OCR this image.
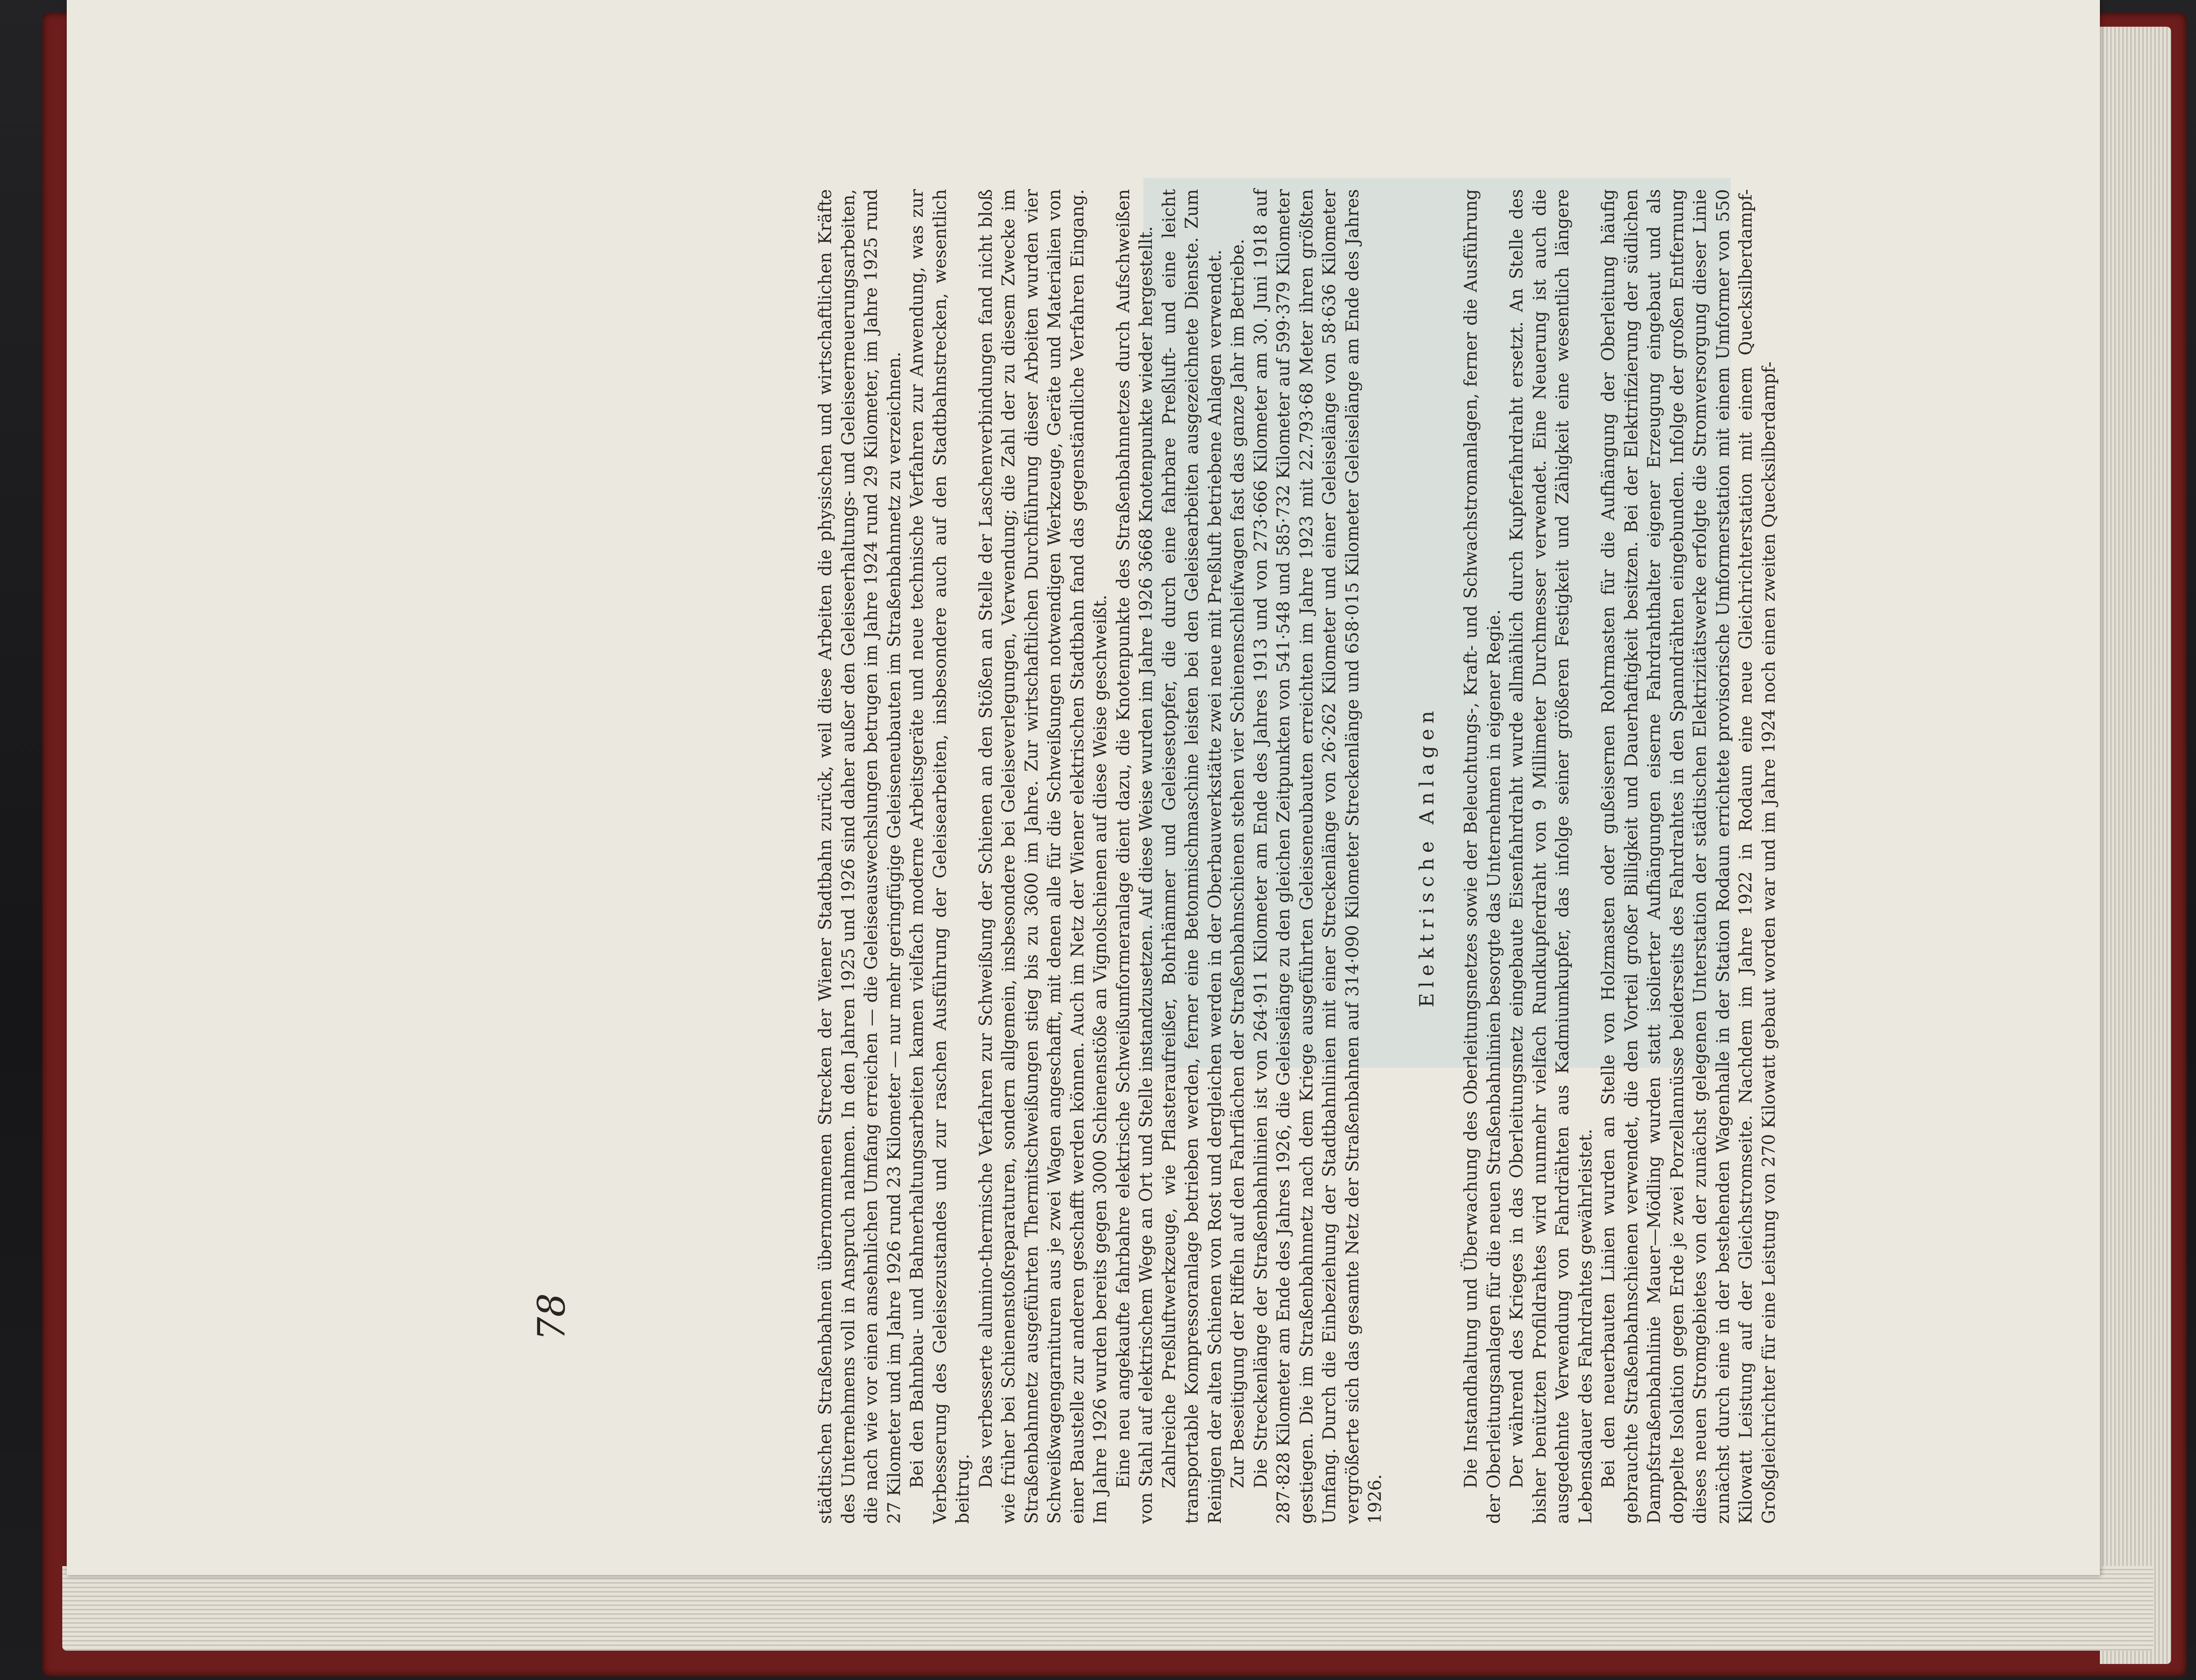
städtischen Straßenbahnen übernommenen Strecken der Wiener Stadtbahn zurück, weil diese Arbeiten die physischen und wirtschaftlichen Kräfte des Unternehmens voll in Anspruch nahmen. In den Jahren 1925 und 1926 sind daher außer den Geleiseerhaltungs- und Geleiseerneuerungsarbeiten, die nach wie vor einen ansehnlichen Umfang erreichen — die Geleiseauswechslungen betrugen im Jahre 1924 rund 29 Kilometer, im Jahre 1925 rund 27 Kilometer und im Jahre 1926 rund 23 Kilometer — nur mehr geringfügige Geleiseneubauten im Straßenbahnnetz zu verzeichnen. Bei den Bahnbau- und Bahnerhaltungsarbeiten kamen vielfach moderne Arbeitsgeräte und neue technische Verfahren zur Anwendung, was zur Verbesserung des Geleisezustandes und zur raschen Ausführung der Geleisearbeiten, insbesondere auch auf den Stadtbahnstrecken, wesentlich beitrug.

Das verbesserte alumino-thermische Verfahren zur Schweißung der Schienen an den Stößen an Stelle der Laschenverbindungen fand nicht bloß wie früher bei Schienenstoßreparaturen, sondern allgemein, insbesondere bei Geleiseverlegungen, Verwendung; die Zahl der zu diesem Zwecke im Straßenbahnnetz ausgeführten Thermitschweißungen stieg bis zu 3600 im Jahre. Zur wirtschaftlichen Durchführung dieser Arbeiten wurden vier Schweißwagengarnituren aus je zwei Wagen angeschafft, mit denen alle für die Schweißungen notwendigen Werkzeuge, Geräte und Materialien von einer Baustelle zur anderen geschafft werden können. Auch im Netz der Wiener elektrischen Stadtbahn fand das gegenständliche Verfahren Eingang. Im Jahre 1926 wurden bereits gegen 3000 Schienenstöße an Vignolschienen auf diese Weise geschweißt. Eine neu angekaufte fahrbahre elektrische Schweißumformeranlage dient dazu, die Knotenpunkte des Straßenbahnnetzes durch Aufschweißen von Stahl auf elektrischem Wege an Ort und Stelle instandzusetzen. Auf diese Weise wurden im Jahre 1926 3668 Knotenpunkte wieder hergestellt. Zahlreiche Preßluftwerkzeuge, wie Pflasteraufreißer, Bohrhämmer und Geleisestopfer, die durch eine fahrbare Preßluft- und eine leicht transportable Kompressoranlage betrieben werden, ferner eine Betonmischmaschine leisten bei den Geleisearbeiten ausgezeichnete Dienste. Zum Reinigen der alten Schienen von Rost und dergleichen werden in der Oberbauwerkstätte zwei neue mit Preßluft betriebene Anlagen verwendet. Zur Beseitigung der Riffeln auf den Fahrflächen der Straßenbahnschienen stehen vier Schienenschleifwagen fast das ganze Jahr im Betriebe. Die Streckenlänge der Straßenbahnlinien ist von 264·911 Kilometer am Ende des Jahres 1913 und von 273·666 Kilometer am 30. Juni 1918 auf 287·828 Kilometer am Ende des Jahres 1926, die Geleiselänge zu den gleichen Zeitpunkten von 541·548 und 585·732 Kilometer auf 599·379 Kilometer gestiegen. Die im Straßenbahnnetz nach dem Kriege ausgeführten Geleiseneubauten erreichten im Jahre 1923 mit 22.793·68 Meter ihren größten Umfang. Durch die Einbeziehung der Stadtbahnlinien mit einer Streckenlänge von 26·262 Kilometer und einer Geleiselänge von 58·636 Kilometer vergrößerte sich das gesamte Netz der Straßenbahnen auf 314·090 Kilometer Streckenlänge und 658·015 Kilometer Geleiselänge am Ende des Jahres 1926.

Elektrische Anlagen Die Instandhaltung und Überwachung des Oberleitungsnetzes sowie der Beleuchtungs-, Kraft- und Schwachstromanlagen, ferner die Ausführung der Oberleitungsanlagen für die neuen Straßenbahnlinien besorgte das Unternehmen in eigener Regie. Der während des Krieges in das Oberleitungsnetz eingebaute Eisenfahrdraht wurde allmählich durch Kupferfahrdraht ersetzt. An Stelle des bisher benützten Profildrahtes wird nunmehr vielfach Rundkupferdraht von 9 Millimeter Durchmesser verwendet. Eine Neuerung ist auch die ausgedehnte Verwendung von Fahrdrähten aus Kadmiumkupfer, das infolge seiner größeren Festigkeit und Zähigkeit eine wesentlich längere Lebensdauer des Fahrdrahtes gewährleistet. Bei den neuerbauten Linien wurden an Stelle von Holzmasten oder gußeisernen Rohrmasten für die Aufhängung der Oberleitung häufig gebrauchte Straßenbahnschienen verwendet, die den Vorteil großer Billigkeit und Dauerhaftigkeit besitzen. Bei der Elektrifizierung der südlichen Dampfstraßenbahnlinie Mauer—Mödling wurden statt isolierter Aufhängungen eiserne Fahrdrahthalter eigener Erzeugung eingebaut und als doppelte Isolation gegen Erde je zwei Porzellannüsse beiderseits des Fahrdrahtes in den Spanndrähten eingebunden. Infolge der großen Entfernung dieses neuen Stromgebietes von der zunächst gelegenen Unterstation der städtischen Elektrizitätswerke erfolgte die Stromversorgung dieser Linie zunächst durch eine in der bestehenden Wagenhalle in der Station Rodaun errichtete provisorische Umformerstation mit einem Umformer von 550 Kilowatt Leistung auf der Gleichstromseite. Nachdem im Jahre 1922 in Rodaun eine neue Gleichrichterstation mit einem Quecksilberdampf-Großgleichrichter für eine Leistung von 270 Kilowatt gebaut worden war und im Jahre 1924 noch einen zweiten Quecksilberdampf-

78
